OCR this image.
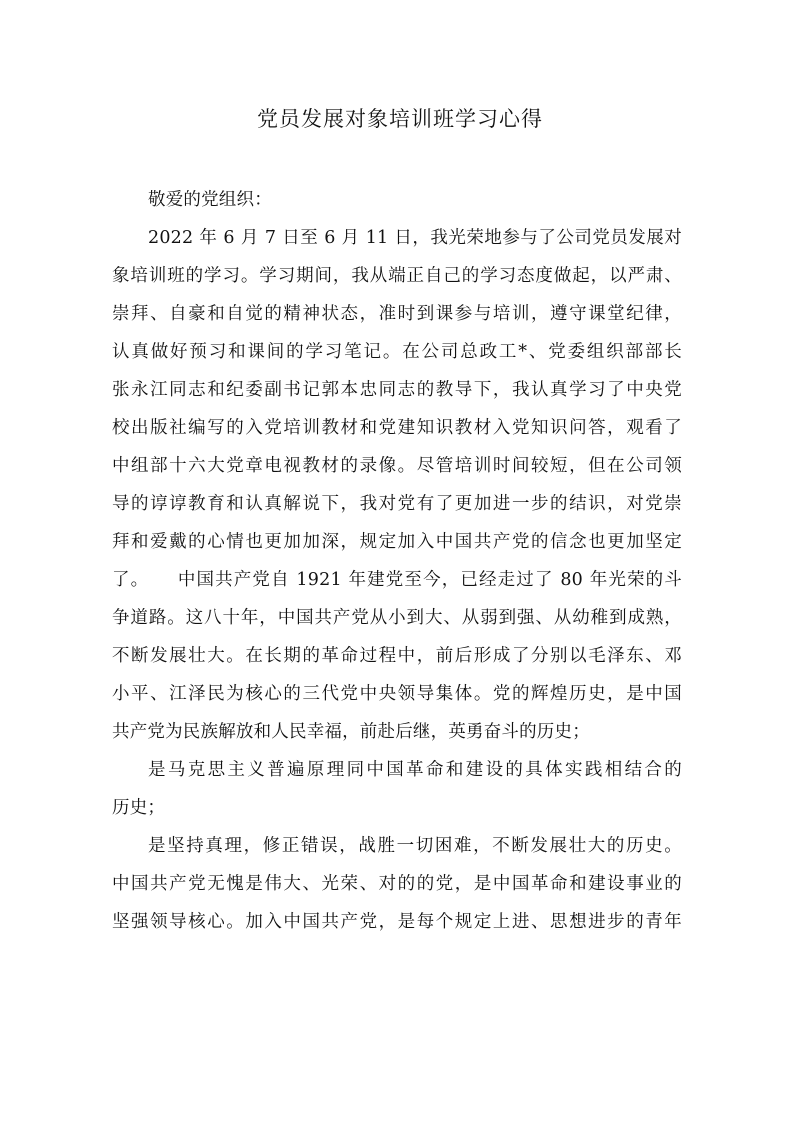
党员发展对象培训班学习心得
敬爱的党组织：
2022 年 6 月 7 日至 6 月 11 日，我光荣地参与了公司党员发展对
象培训班的学习。学习期间，我从端正自己的学习态度做起，以严肃、
崇拜、自豪和自觉的精神状态，准时到课参与培训，遵守课堂纪律，
认真做好预习和课间的学习笔记。在公司总政工*、党委组织部部长
张永江同志和纪委副书记郭本忠同志的教导下，我认真学习了中央党
校出版社编写的入党培训教材和党建知识教材入党知识问答，观看了
中组部十六大党章电视教材的录像。尽管培训时间较短，但在公司领
导的谆谆教育和认真解说下，我对党有了更加进一步的结识，对党崇
拜和爱戴的心情也更加加深，规定加入中国共产党的信念也更加坚定
了。　　中国共产党自 1921 年建党至今，已经走过了 80 年光荣的斗
争道路。这八十年，中国共产党从小到大、从弱到强、从幼稚到成熟，
不断发展壮大。在长期的革命过程中，前后形成了分别以毛泽东、邓
小平、江泽民为核心的三代党中央领导集体。党的辉煌历史，是中国
共产党为民族解放和人民幸福，前赴后继，英勇奋斗的历史；
是马克思主义普遍原理同中国革命和建设的具体实践相结合的
历史；
是坚持真理，修正错误，战胜一切困难，不断发展壮大的历史。
中国共产党无愧是伟大、光荣、对的的党，是中国革命和建设事业的
坚强领导核心。加入中国共产党，是每个规定上进、思想进步的青年
